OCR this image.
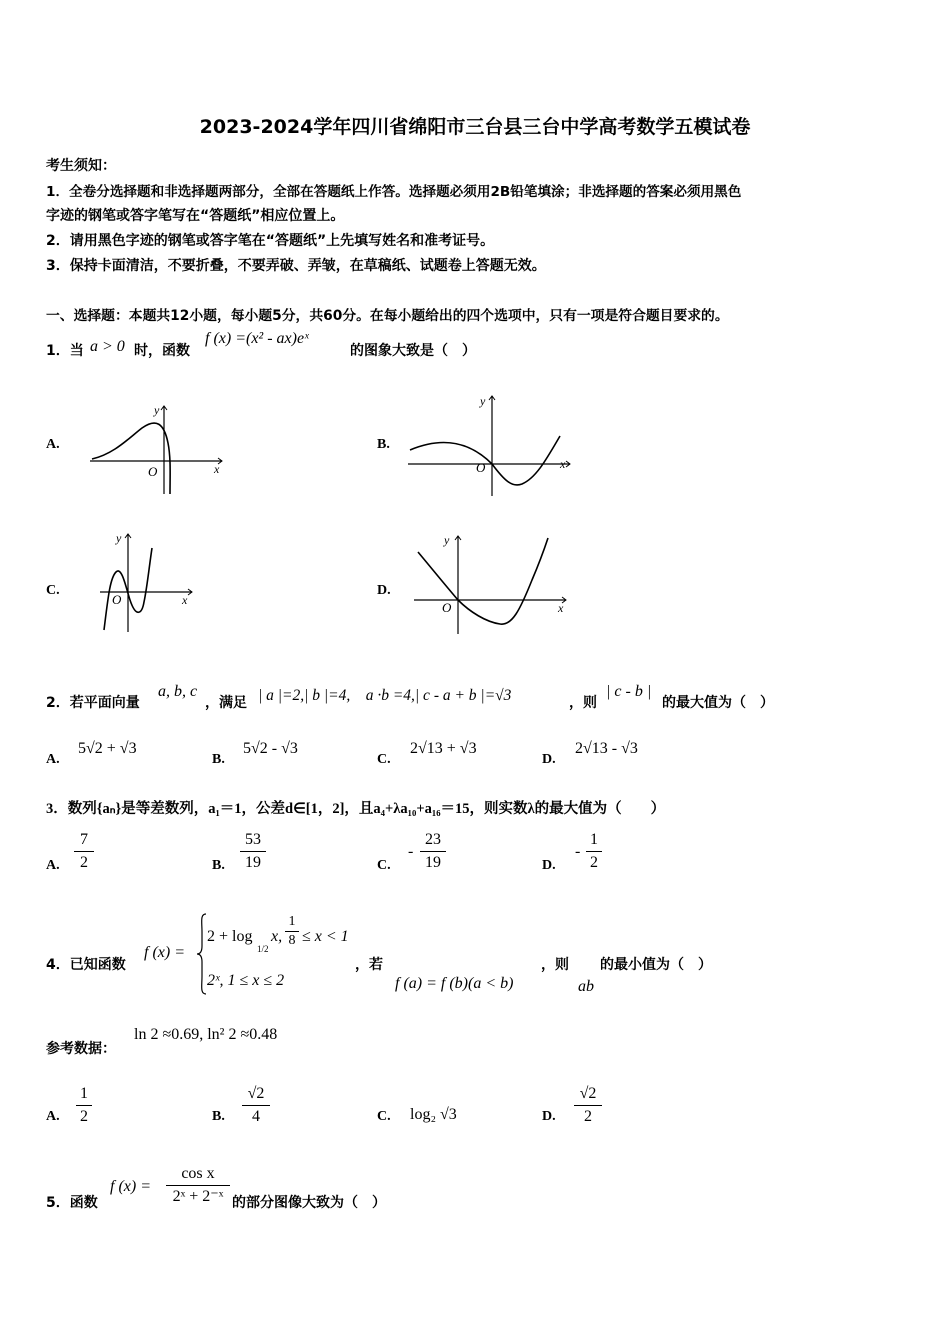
2023-2024学年四川省绵阳市三台县三台中学高考数学五模试卷
考生须知：
1．全卷分选择题和非选择题两部分，全部在答题纸上作答。选择题必须用2B铅笔填涂；非选择题的答案必须用黑色
字迹的钢笔或答字笔写在“答题纸”相应位置上。
2．请用黑色字迹的钢笔或答字笔在“答题纸”上先填写姓名和准考证号。
3．保持卡面清洁，不要折叠，不要弄破、弄皱，在草稿纸、试题卷上答题无效。
一、选择题：本题共12小题，每小题5分，共60分。在每小题给出的四个选项中，只有一项是符合题目要求的。
1．当 a > 0 时，函数
f (x) =(x² - ax)eˣ
的图象大致是（　）
A.	B.
C.	D.
y
x
O
y
x
O
y
x
O
y
x
O
2．若平面向量
a, b, c
，满足 | a |=2,| b |=4,　a ·b =4,| c - a + b |=√3	，则
| c - b |
的最大值为（　）
A.
5√2 + √3
B.
5√2 - √3
C.
2√13 + √3
D.
2√13 - √3
3．数列{aₙ}是等差数列，a₁＝1，公差d∈[1，2]，且a₄+λa₁₀+a₁₆＝15，则实数λ的最大值为（　　）
A.
7
2	B.
53
19	C.
-
23
19	D.
-
1
2
4．已知函数
f (x) =
2 + log
1/2
x,
1
8 ≤ x < 1
2ˣ, 1 ≤ x ≤ 2
，若
f (a) = f (b)(a < b)
，则
ab
的最小值为（　）
参考数据：
ln 2 ≈0.69, ln² 2 ≈0.48
A.
1
2	B.
√2
4	C. log₂ √3	D.
√2
2
5．函数
f (x) =
cos x
2ˣ + 2⁻ˣ 的部分图像大致为（　）
